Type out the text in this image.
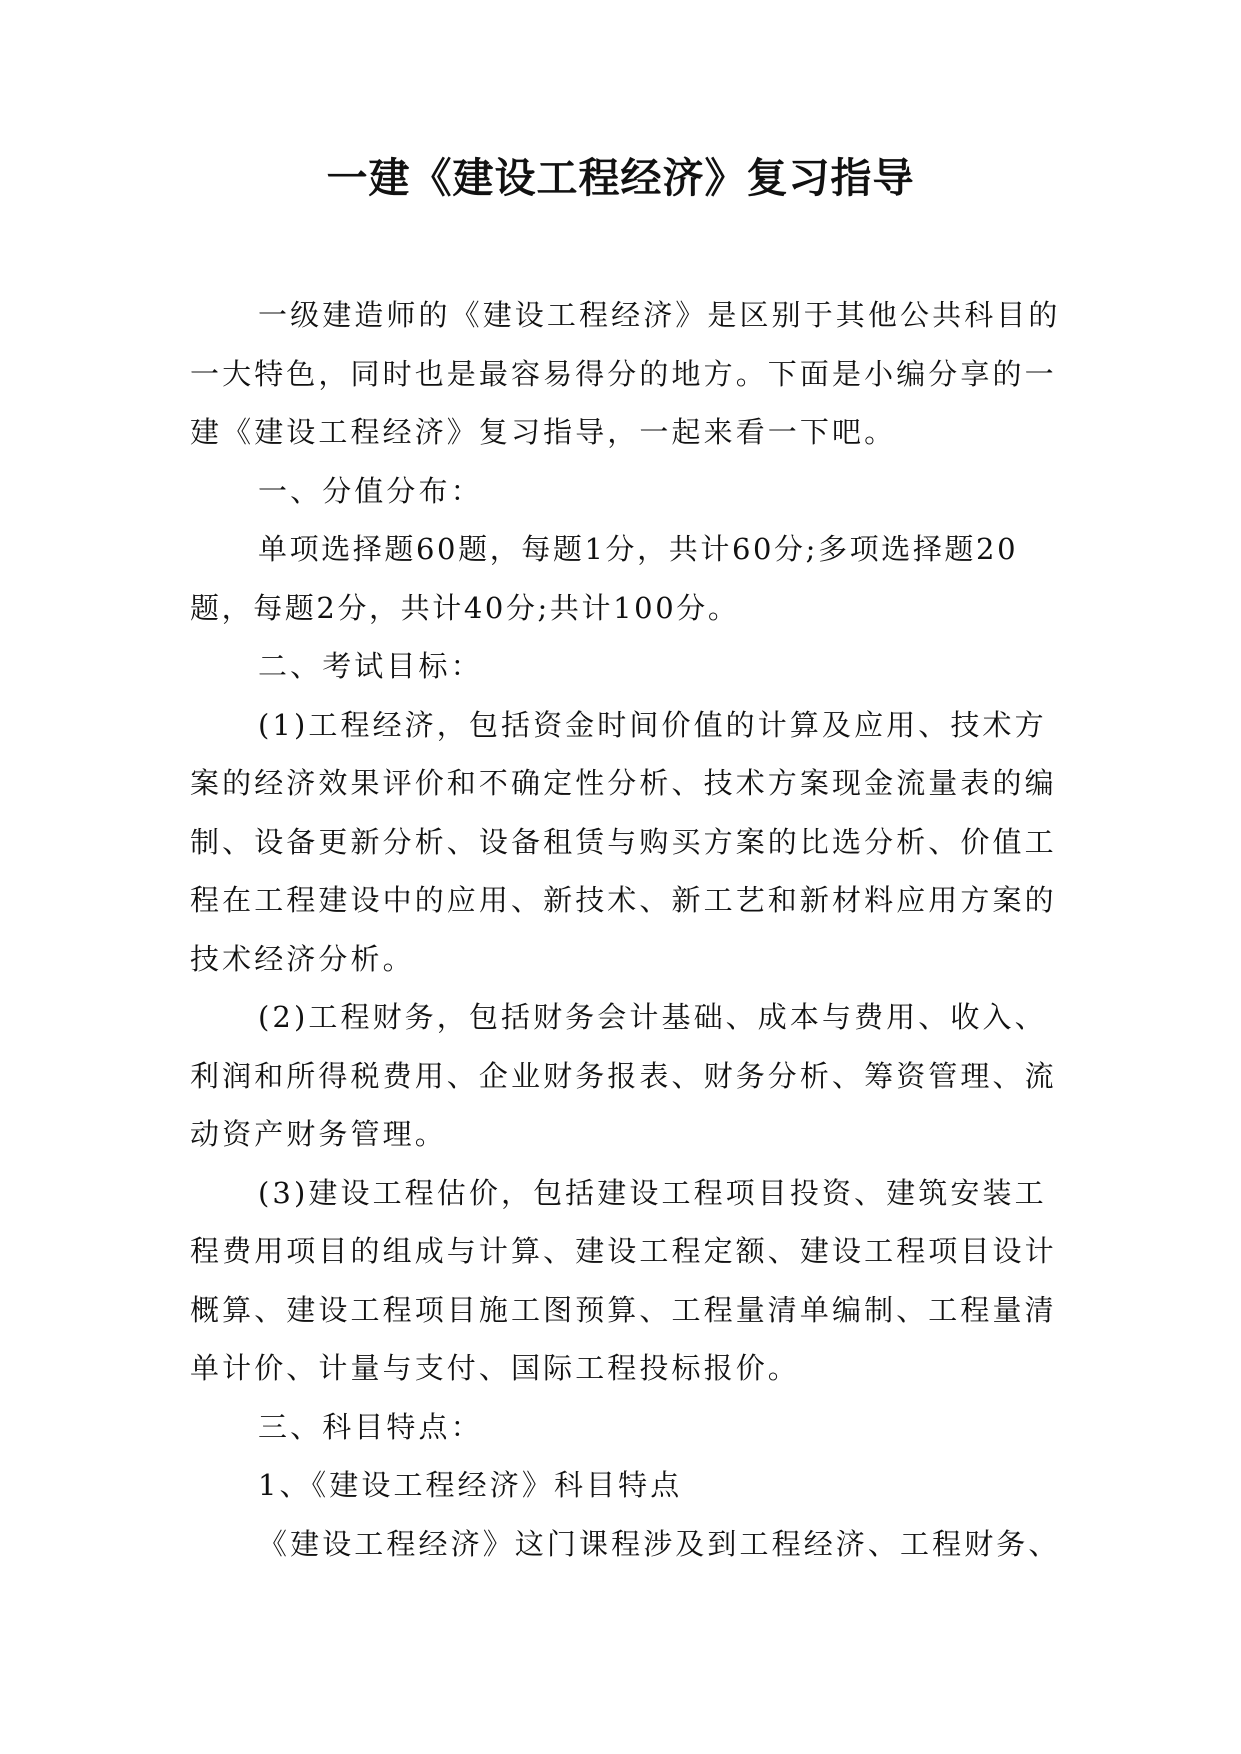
一建《建设工程经济》复习指导

一级建造师的《建设工程经济》是区别于其他公共科目的一大特色，同时也是最容易得分的地方。下面是小编分享的一建《建设工程经济》复习指导，一起来看一下吧。

一、分值分布：

单项选择题60题，每题1分，共计60分;多项选择题20题，每题2分，共计40分;共计100分。

二、考试目标：

(1)工程经济，包括资金时间价值的计算及应用、技术方案的经济效果评价和不确定性分析、技术方案现金流量表的编制、设备更新分析、设备租赁与购买方案的比选分析、价值工程在工程建设中的应用、新技术、新工艺和新材料应用方案的技术经济分析。

(2)工程财务，包括财务会计基础、成本与费用、收入、利润和所得税费用、企业财务报表、财务分析、筹资管理、流动资产财务管理。

(3)建设工程估价，包括建设工程项目投资、建筑安装工程费用项目的组成与计算、建设工程定额、建设工程项目设计概算、建设工程项目施工图预算、工程量清单编制、工程量清单计价、计量与支付、国际工程投标报价。

三、科目特点：

1、《建设工程经济》科目特点

《建设工程经济》这门课程涉及到工程经济、工程财务、
